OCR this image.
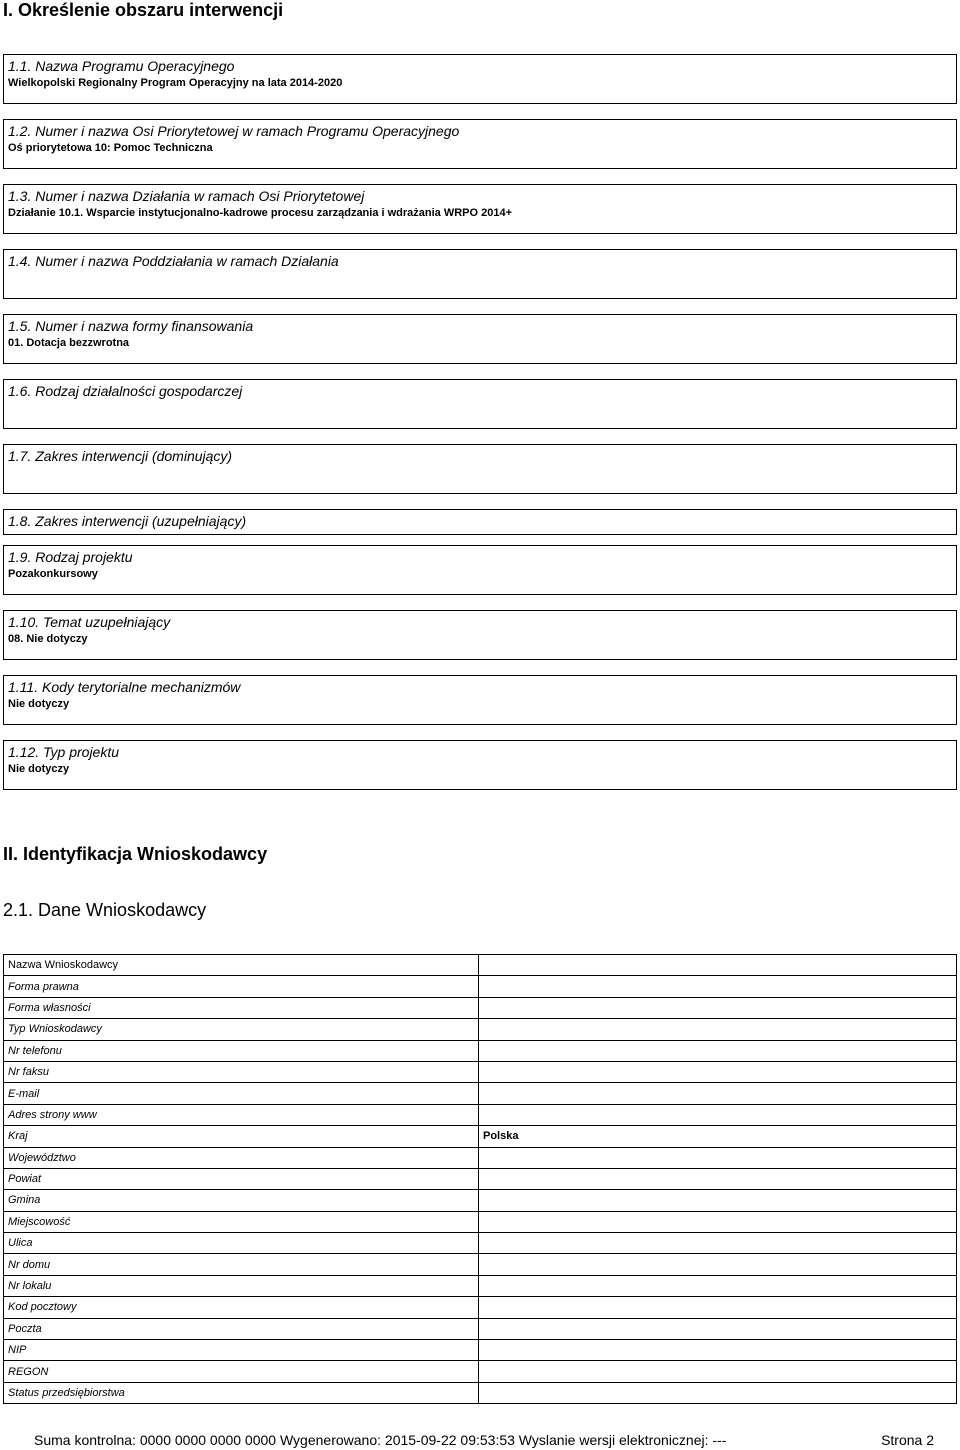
I. Określenie obszaru interwencji
1.1. Nazwa Programu Operacyjnego
Wielkopolski Regionalny Program Operacyjny na lata 2014-2020
1.2. Numer i nazwa Osi Priorytetowej w ramach Programu Operacyjnego
Oś priorytetowa 10: Pomoc Techniczna
1.3. Numer i nazwa Działania w ramach Osi Priorytetowej
Działanie 10.1. Wsparcie instytucjonalno-kadrowe procesu zarządzania i wdrażania WRPO 2014+
1.4. Numer i nazwa Poddziałania w ramach Działania
1.5. Numer i nazwa formy finansowania
01. Dotacja bezzwrotna
1.6. Rodzaj działalności gospodarczej
1.7. Zakres interwencji (dominujący)
1.8. Zakres interwencji (uzupełniający)
1.9. Rodzaj projektu
Pozakonkursowy
1.10. Temat uzupełniający
08. Nie dotyczy
1.11. Kody terytorialne mechanizmów
Nie dotyczy
1.12. Typ projektu
Nie dotyczy
II. Identyfikacja Wnioskodawcy
2.1. Dane Wnioskodawcy
Nazwa Wnioskodawcy	
Forma prawna	
Forma własności	
Typ Wnioskodawcy	
Nr telefonu	
Nr faksu	
E-mail	
Adres strony www	
Kraj	Polska
Województwo	
Powiat	
Gmina	
Miejscowość	
Ulica	
Nr domu	
Nr lokalu	
Kod pocztowy	
Poczta	
NIP	
REGON	
Status przedsiębiorstwa	
Suma kontrolna: 0000 0000 0000 0000 Wygenerowano: 2015-09-22 09:53:53 Wyslanie wersji elektronicznej: ---	Strona 2
